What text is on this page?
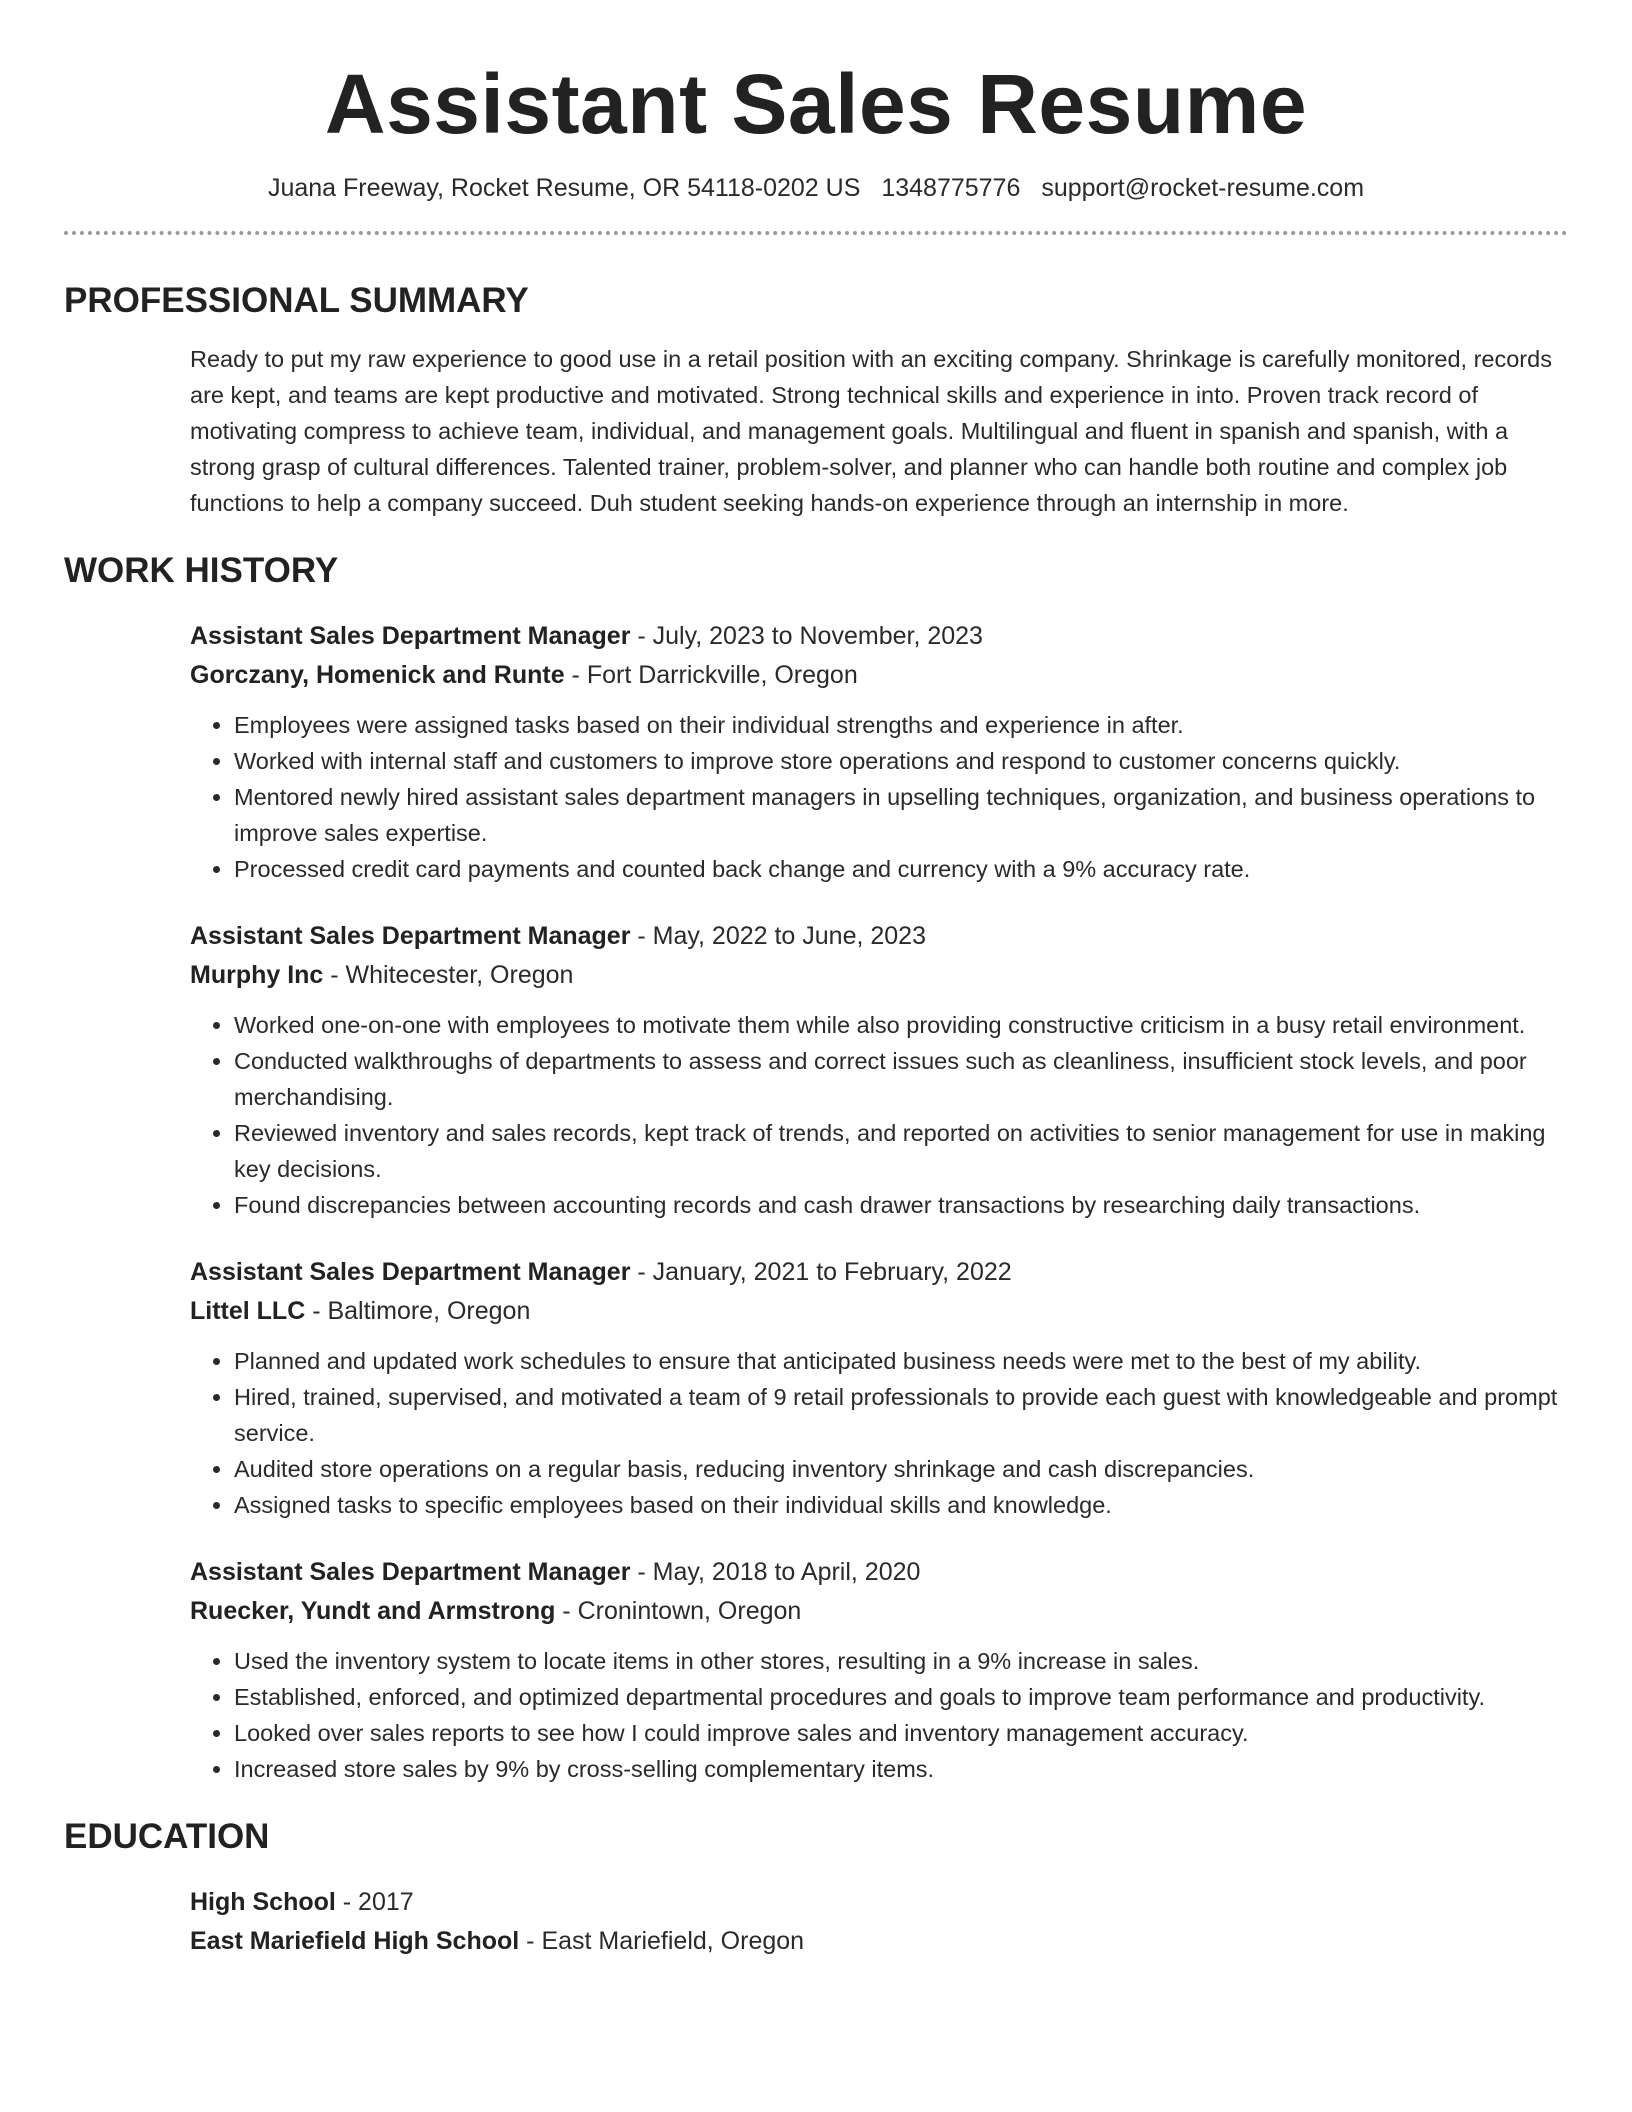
Assistant Sales Resume
Juana Freeway, Rocket Resume, OR 54118-0202 US 1348775776 support@rocket-resume.com
PROFESSIONAL SUMMARY
Ready to put my raw experience to good use in a retail position with an exciting company. Shrinkage is carefully monitored, records are kept, and teams are kept productive and motivated. Strong technical skills and experience in into. Proven track record of motivating compress to achieve team, individual, and management goals. Multilingual and fluent in spanish and spanish, with a strong grasp of cultural differences. Talented trainer, problem-solver, and planner who can handle both routine and complex job functions to help a company succeed. Duh student seeking hands-on experience through an internship in more.
WORK HISTORY
Assistant Sales Department Manager - July, 2023 to November, 2023
Gorczany, Homenick and Runte - Fort Darrickville, Oregon
• Employees were assigned tasks based on their individual strengths and experience in after.
• Worked with internal staff and customers to improve store operations and respond to customer concerns quickly.
• Mentored newly hired assistant sales department managers in upselling techniques, organization, and business operations to improve sales expertise.
• Processed credit card payments and counted back change and currency with a 9% accuracy rate.
Assistant Sales Department Manager - May, 2022 to June, 2023
Murphy Inc - Whitecester, Oregon
• Worked one-on-one with employees to motivate them while also providing constructive criticism in a busy retail environment.
• Conducted walkthroughs of departments to assess and correct issues such as cleanliness, insufficient stock levels, and poor merchandising.
• Reviewed inventory and sales records, kept track of trends, and reported on activities to senior management for use in making key decisions.
• Found discrepancies between accounting records and cash drawer transactions by researching daily transactions.
Assistant Sales Department Manager - January, 2021 to February, 2022
Littel LLC - Baltimore, Oregon
• Planned and updated work schedules to ensure that anticipated business needs were met to the best of my ability.
• Hired, trained, supervised, and motivated a team of 9 retail professionals to provide each guest with knowledgeable and prompt service.
• Audited store operations on a regular basis, reducing inventory shrinkage and cash discrepancies.
• Assigned tasks to specific employees based on their individual skills and knowledge.
Assistant Sales Department Manager - May, 2018 to April, 2020
Ruecker, Yundt and Armstrong - Cronintown, Oregon
• Used the inventory system to locate items in other stores, resulting in a 9% increase in sales.
• Established, enforced, and optimized departmental procedures and goals to improve team performance and productivity.
• Looked over sales reports to see how I could improve sales and inventory management accuracy.
• Increased store sales by 9% by cross-selling complementary items.
EDUCATION
High School - 2017
East Mariefield High School - East Mariefield, Oregon
